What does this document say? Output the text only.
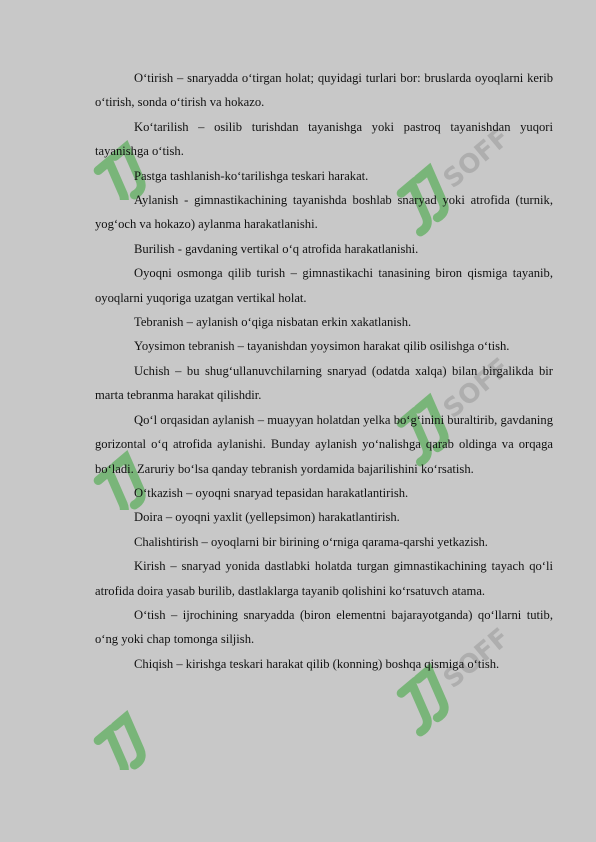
SOFF
SOFF
SOFF

O‘tirish – snaryadda o‘tirgan holat; quyidagi turlari bor: bruslarda oyoqlarni kerib o‘tirish, sonda o‘tirish va hokazo.

Ko‘tarilish – osilib turishdan tayanishga yoki pastroq tayanishdan yuqori tayanishga o‘tish.

Pastga tashlanish-ko‘tarilishga teskari harakat.

Aylanish - gimnastikachining tayanishda boshlab snaryad yoki atrofida (turnik, yog‘och va hokazo) aylanma harakatlanishi.

Burilish - gavdaning vertikal o‘q atrofida harakatlanishi.

Oyoqni osmonga qilib turish – gimnastikachi tanasining biron qismiga tayanib, oyoqlarni yuqoriga uzatgan vertikal holat.

Tebranish – aylanish o‘qiga nisbatan erkin xakatlanish.

Yoysimon tebranish – tayanishdan yoysimon harakat qilib osilishga o‘tish.

Uchish – bu shug‘ullanuvchilarning snaryad (odatda xalqa) bilan birgalikda bir marta tebranma harakat qilishdir.

Qo‘l orqasidan aylanish – muayyan holatdan yelka bo‘g‘inini buraltirib, gavdaning gorizontal o‘q atrofida aylanishi. Bunday aylanish yo‘nalishga qarab oldinga va orqaga bo‘ladi. Zaruriy bo‘lsa qanday tebranish yordamida bajarilishini ko‘rsatish.

O‘tkazish – oyoqni snaryad tepasidan harakatlantirish.

Doira – oyoqni yaxlit (yellepsimon) harakatlantirish.

Chalishtirish – oyoqlarni bir birining o‘rniga qarama-qarshi yetkazish.

Kirish – snaryad yonida dastlabki holatda turgan gimnastikachining tayach qo‘li atrofida doira yasab burilib, dastlaklarga tayanib qolishini ko‘rsatuvch atama.

O‘tish – ijrochining snaryadda (biron elementni bajarayotganda) qo‘llarni tutib, o‘ng yoki chap tomonga siljish.

Chiqish – kirishga teskari harakat qilib (konning) boshqa qismiga o‘tish.
